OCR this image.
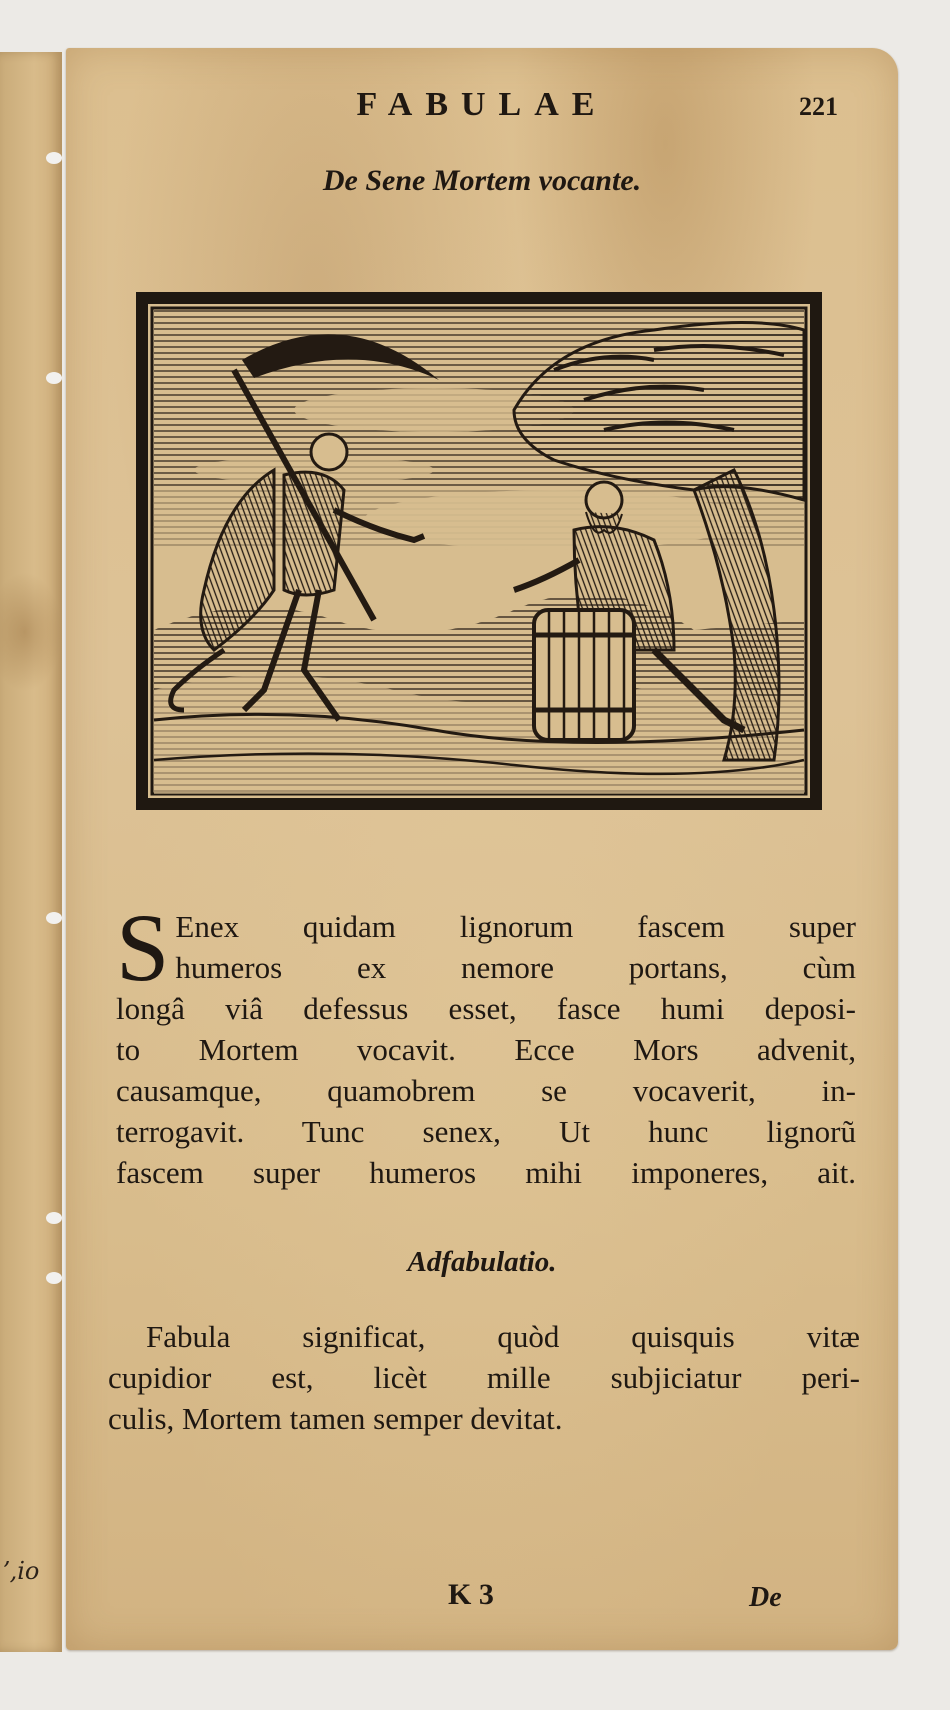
ʼ,io
FABULAE	221
De Sene Mortem vocante.
S Enex quidam lignorum fascem super
humeros ex nemore portans, cùm
longâ viâ defessus esset, fasce humi deposi-
to Mortem vocavit. Ecce Mors advenit,
causamque, quamobrem se vocaverit, in-
terrogavit. Tunc senex, Ut hunc lignorũ
fascem super humeros mihi imponeres, ait.
Adfabulatio.
Fabula significat, quòd quisquis vitæ
cupidior est, licèt mille subjiciatur peri-
culis, Mortem tamen semper devitat.
K 3	De
